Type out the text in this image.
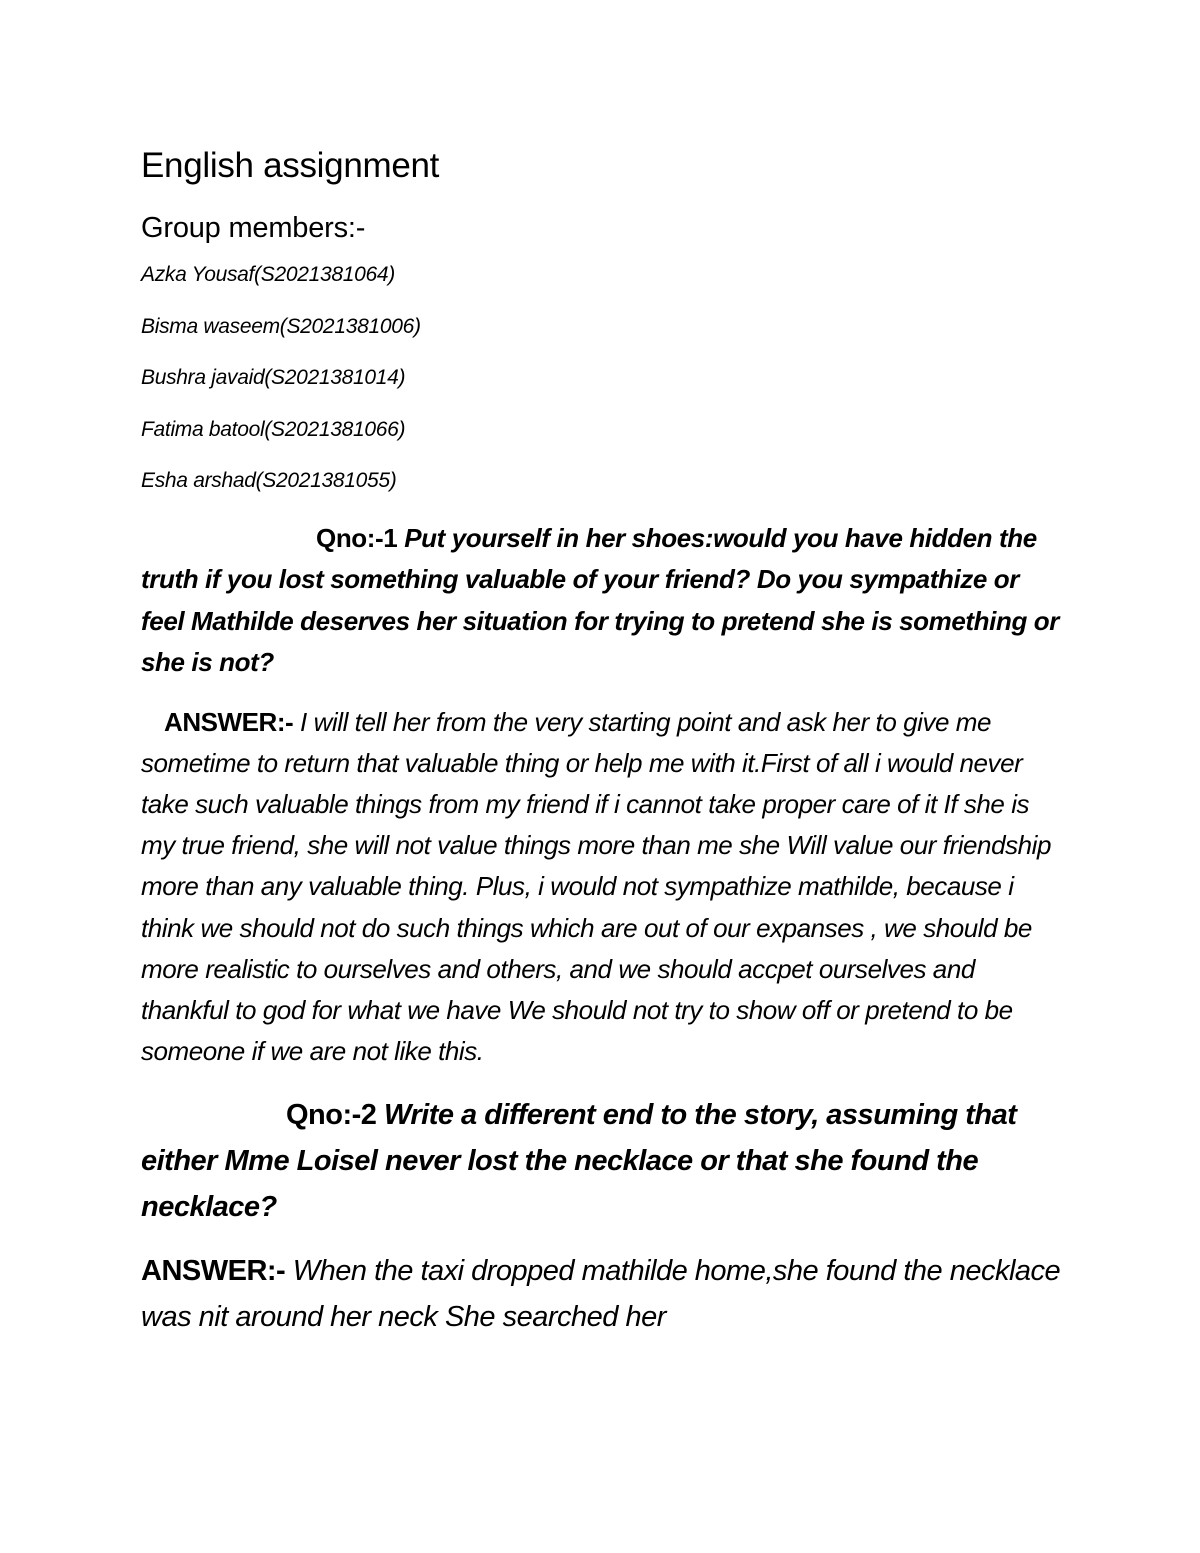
English assignment
Group members:-
Azka Yousaf(S2021381064)
Bisma waseem(S2021381006)
Bushra javaid(S2021381014)
Fatima batool(S2021381066)
Esha arshad(S2021381055)

Qno:-1 Put yourself in her shoes:would you have hidden the truth if you lost something valuable of your friend? Do you sympathize or feel Mathilde deserves her situation for trying to pretend she is something or she is not?

ANSWER:- I will tell her from the very starting point and ask her to give me sometime to return that valuable thing or help me with it.First of all i would never take such valuable things from my friend if i cannot take proper care of it If she is my true friend, she will not value things more than me she Will value our friendship more than any valuable thing. Plus, i would not sympathize mathilde, because i think we should not do such things which are out of our expanses , we should be more realistic to ourselves and others, and we should accpet ourselves and thankful to god for what we have We should not try to show off or pretend to be someone if we are not like this.

Qno:-2 Write a different end to the story, assuming that either Mme Loisel never lost the necklace or that she found the necklace?

ANSWER:- When the taxi dropped mathilde home,she found the necklace was nit around her neck She searched her
